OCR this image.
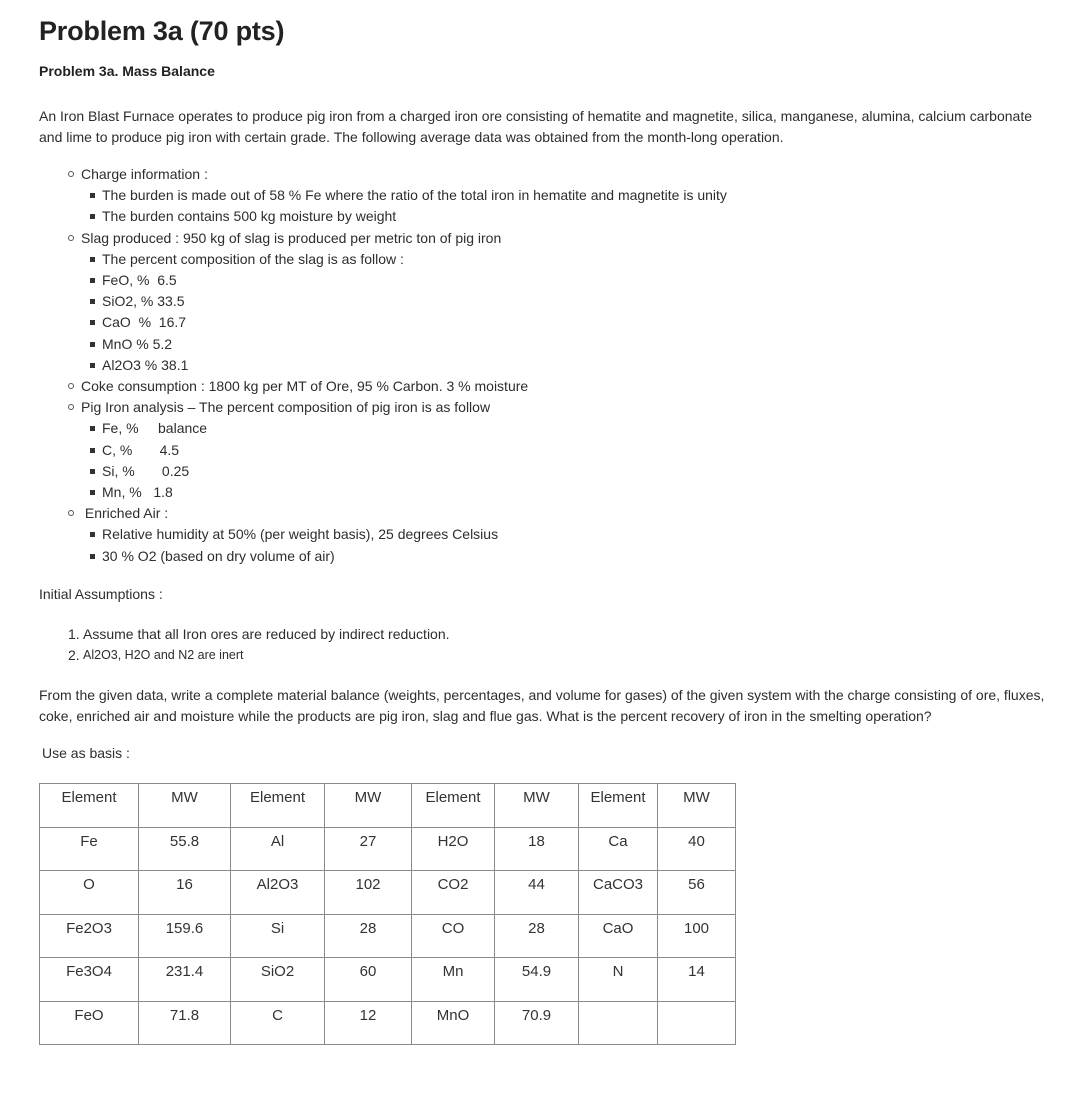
Problem 3a (70 pts)
Problem 3a. Mass Balance

An Iron Blast Furnace operates to produce pig iron from a charged iron ore consisting of hematite and magnetite, silica, manganese, alumina, calcium carbonate and lime to produce pig iron with certain grade. The following average data was obtained from the month-long operation.

Charge information :
The burden is made out of 58 % Fe where the ratio of the total iron in hematite and magnetite is unity
The burden contains 500 kg moisture by weight
Slag produced : 950 kg of slag is produced per metric ton of pig iron
The percent composition of the slag is as follow :
FeO, %  6.5
SiO2, % 33.5
CaO  %  16.7
MnO % 5.2
Al2O3 % 38.1
Coke consumption : 1800 kg per MT of Ore, 95 % Carbon. 3 % moisture
Pig Iron analysis – The percent composition of pig iron is as follow
Fe, %     balance
C, %       4.5
Si, %       0.25
Mn, %   1.8
Enriched Air :
Relative humidity at 50% (per weight basis), 25 degrees Celsius
30 % O2 (based on dry volume of air)

Initial Assumptions :

1. Assume that all Iron ores are reduced by indirect reduction.
2. Al2O3, H2O and N2 are inert

From the given data, write a complete material balance (weights, percentages, and volume for gases) of the given system with the charge consisting of ore, fluxes, coke, enriched air and moisture while the products are pig iron, slag and flue gas. What is the percent recovery of iron in the smelting operation?

Use as basis :

Element	MW	Element	MW	Element	MW	Element	MW

Fe	55.8	Al	27	H2O	18	Ca	40

O	16	Al2O3	102	CO2	44	CaCO3	56

Fe2O3	159.6	Si	28	CO	28	CaO	100

Fe3O4	231.4	SiO2	60	Mn	54.9	N	14

FeO	71.8	C	12	MnO	70.9		
